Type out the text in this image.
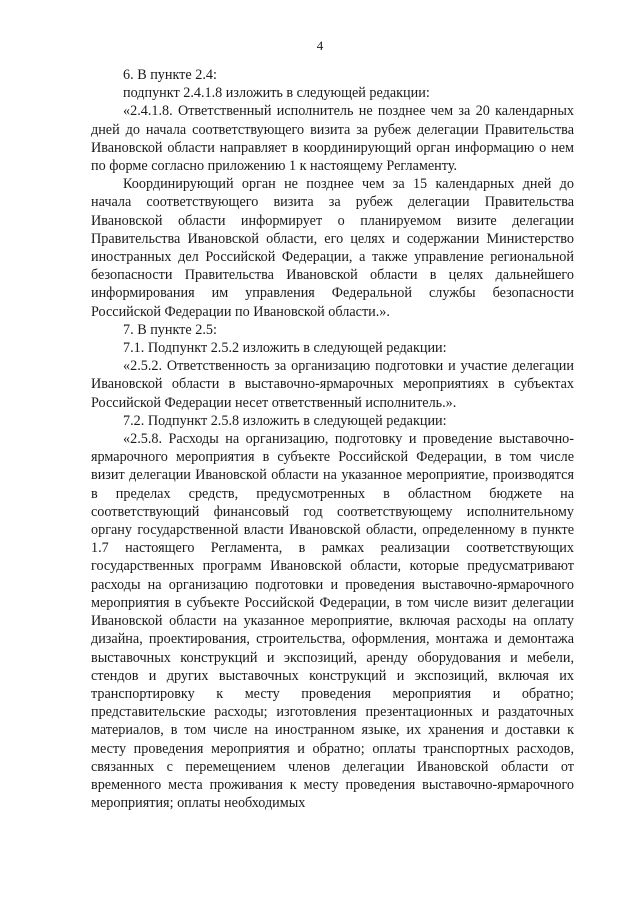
4

6. В пункте 2.4:

подпункт 2.4.1.8 изложить в следующей редакции:

«2.4.1.8. Ответственный исполнитель не позднее чем за 20 календарных дней до начала соответствующего визита за рубеж делегации Правительства Ивановской области направляет в координирующий орган информацию о нем по форме согласно приложению 1 к настоящему Регламенту.

Координирующий орган не позднее чем за 15 календарных дней до начала соответствующего визита за рубеж делегации Правительства Ивановской области информирует о планируемом визите делегации Правительства Ивановской области, его целях и содержании Министерство иностранных дел Российской Федерации, а также управление региональной безопасности Правительства Ивановской области в целях дальнейшего информирования им управления Федеральной службы безопасности Российской Федерации по Ивановской области.».

7. В пункте 2.5:

7.1. Подпункт 2.5.2 изложить в следующей редакции:

«2.5.2. Ответственность за организацию подготовки и участие делегации Ивановской области в выставочно-ярмарочных мероприятиях в субъектах Российской Федерации несет ответственный исполнитель.».

7.2. Подпункт 2.5.8 изложить в следующей редакции:

«2.5.8. Расходы на организацию, подготовку и проведение выставочно-ярмарочного мероприятия в субъекте Российской Федерации, в том числе визит делегации Ивановской области на указанное мероприятие, производятся в пределах средств, предусмотренных в областном бюджете на соответствующий финансовый год соответствующему исполнительному органу государственной власти Ивановской области, определенному в пункте 1.7 настоящего Регламента, в рамках реализации соответствующих государственных программ Ивановской области, которые предусматривают расходы на организацию подготовки и проведения выставочно-ярмарочного мероприятия в субъекте Российской Федерации, в том числе визит делегации Ивановской области на указанное мероприятие, включая расходы на оплату дизайна, проектирования, строительства, оформления, монтажа и демонтажа выставочных конструкций и экспозиций, аренду оборудования и мебели, стендов и других выставочных конструкций и экспозиций, включая их транспортировку к месту проведения мероприятия и обратно; представительские расходы; изготовления презентационных и раздаточных материалов, в том числе на иностранном языке, их хранения и доставки к месту проведения мероприятия и обратно; оплаты транспортных расходов, связанных с перемещением членов делегации Ивановской области от временного места проживания к месту проведения выставочно-ярмарочного мероприятия; оплаты необходимых
